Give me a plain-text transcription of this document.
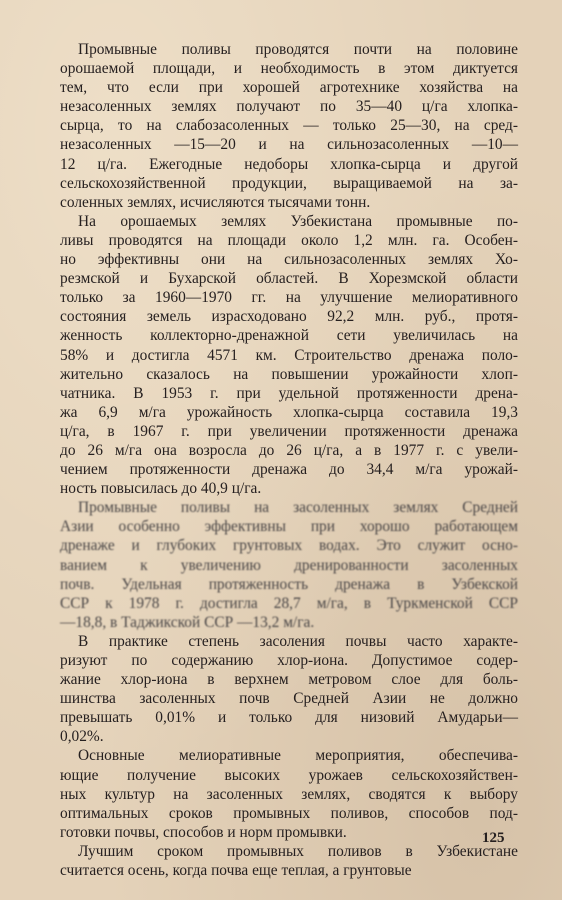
Промывные поливы проводятся почти на половине
орошаемой площади, и необходимость в этом диктуется
тем, что если при хорошей агротехнике хозяйства на
незасоленных землях получают по 35—40 ц/га хлопка-
сырца, то на слабозасоленных — только 25—30, на сред-
незасоленных —15—20 и на сильнозасоленных —10—
12 ц/га. Ежегодные недоборы хлопка-сырца и другой
сельскохозяйственной продукции, выращиваемой на за-
соленных землях, исчисляются тысячами тонн.
На орошаемых землях Узбекистана промывные по-
ливы проводятся на площади около 1,2 млн. га. Особен-
но эффективны они на сильнозасоленных землях Хо-
резмской и Бухарской областей. В Хорезмской области
только за 1960—1970 гг. на улучшение мелиоративного
состояния земель израсходовано 92,2 млн. руб., протя-
женность коллекторно-дренажной сети увеличилась на
58% и достигла 4571 км. Строительство дренажа поло-
жительно сказалось на повышении урожайности хлоп-
чатника. В 1953 г. при удельной протяженности дрена-
жа 6,9 м/га урожайность хлопка-сырца составила 19,3
ц/га, в 1967 г. при увеличении протяженности дренажа
до 26 м/га она возросла до 26 ц/га, а в 1977 г. с увели-
чением протяженности дренажа до 34,4 м/га урожай-
ность повысилась до 40,9 ц/га.
Промывные поливы на засоленных землях Средней
Азии особенно эффективны при хорошо работающем
дренаже и глубоких грунтовых водах. Это служит осно-
ванием к увеличению дренированности засоленных
почв. Удельная протяженность дренажа в Узбекской
ССР к 1978 г. достигла 28,7 м/га, в Туркменской ССР
—18,8, в Таджикской ССР —13,2 м/га.
В практике степень засоления почвы часто характе-
ризуют по содержанию хлор-иона. Допустимое содер-
жание хлор-иона в верхнем метровом слое для боль-
шинства засоленных почв Средней Азии не должно
превышать 0,01% и только для низовий Амударьи—
0,02%.
Основные мелиоративные мероприятия, обеспечива-
ющие получение высоких урожаев сельскохозяйствен-
ных культур на засоленных землях, сводятся к выбору
оптимальных сроков промывных поливов, способов под-
готовки почвы, способов и норм промывки.
Лучшим сроком промывных поливов в Узбекистане
считается осень, когда почва еще теплая, а грунтовые
125
